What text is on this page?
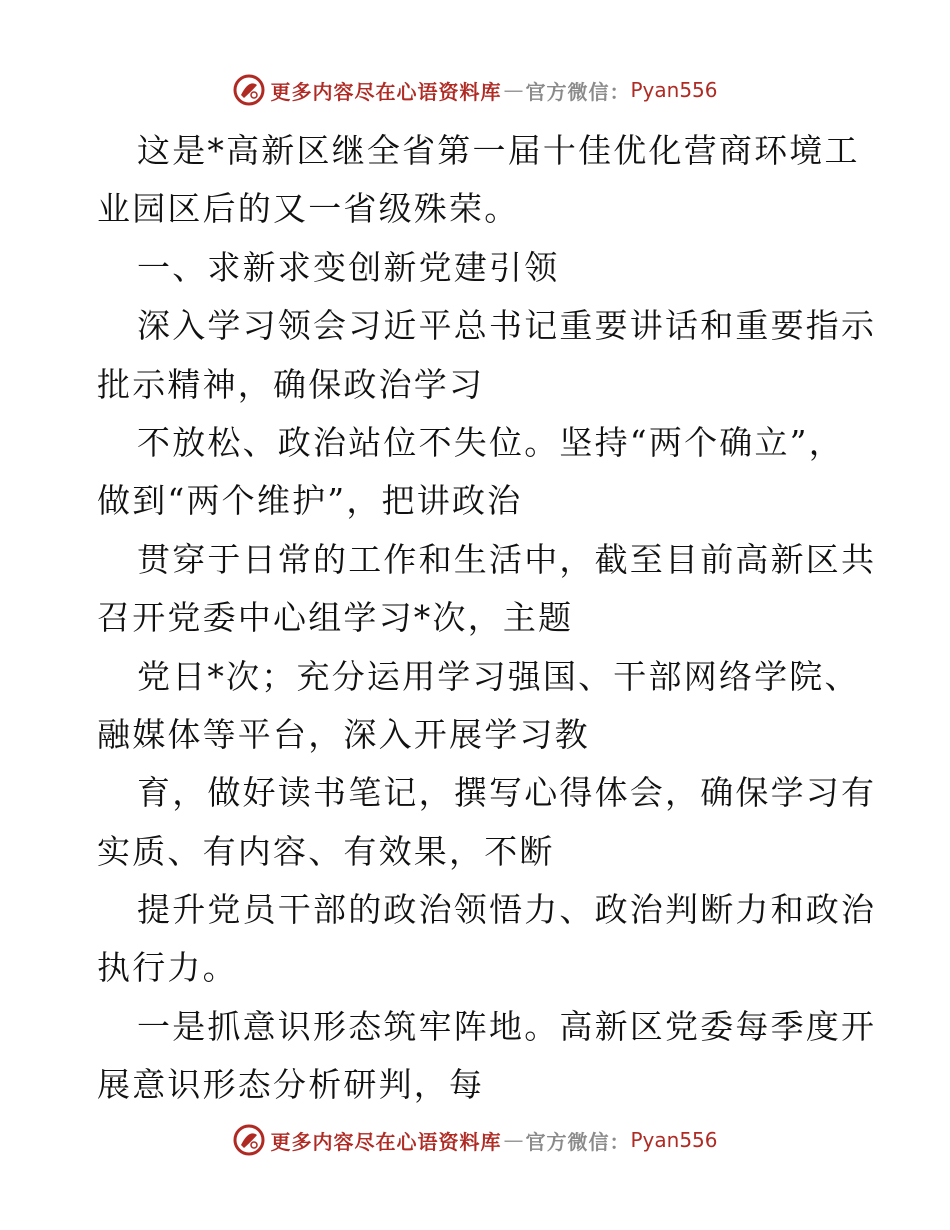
更多内容尽在心语资料库 — 官方微信： Pyan556
这是*高新区继全省第一届十佳优化营商环境工
业园区后的又一省级殊荣。
一、求新求变创新党建引领
深入学习领会习近平总书记重要讲话和重要指示
批示精神，确保政治学习
不放松、政治站位不失位。坚持“两个确立”，
做到“两个维护”，把讲政治
贯穿于日常的工作和生活中，截至目前高新区共
召开党委中心组学习*次，主题
党日*次；充分运用学习强国、干部网络学院、
融媒体等平台，深入开展学习教
育，做好读书笔记，撰写心得体会，确保学习有
实质、有内容、有效果，不断
提升党员干部的政治领悟力、政治判断力和政治
执行力。
一是抓意识形态筑牢阵地。高新区党委每季度开
展意识形态分析研判，每
更多内容尽在心语资料库 — 官方微信： Pyan556
